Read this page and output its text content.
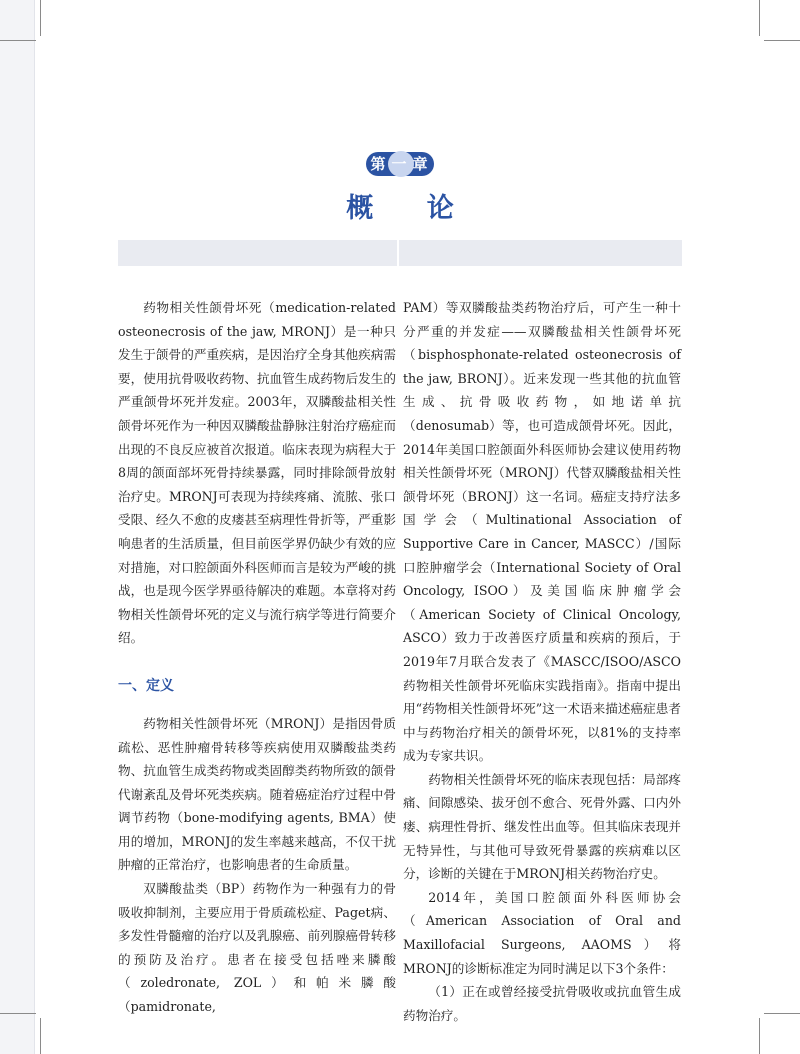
第一章
概 论

药物相关性颌骨坏死（medication-related osteonecrosis of the jaw, MRONJ）是一种只发生于颌骨的严重疾病，是因治疗全身其他疾病需要，使用抗骨吸收药物、抗血管生成药物后发生的严重颌骨坏死并发症。2003年，双膦酸盐相关性颌骨坏死作为一种因双膦酸盐静脉注射治疗癌症而出现的不良反应被首次报道。临床表现为病程大于8周的颌面部坏死骨持续暴露，同时排除颌骨放射治疗史。MRONJ可表现为持续疼痛、流脓、张口受限、经久不愈的皮瘘甚至病理性骨折等，严重影响患者的生活质量，但目前医学界仍缺少有效的应对措施，对口腔颌面外科医师而言是较为严峻的挑战，也是现今医学界亟待解决的难题。本章将对药物相关性颌骨坏死的定义与流行病学等进行简要介绍。

一、定义

药物相关性颌骨坏死（MRONJ）是指因骨质疏松、恶性肿瘤骨转移等疾病使用双膦酸盐类药物、抗血管生成类药物或类固醇类药物所致的颌骨代谢紊乱及骨坏死类疾病。随着癌症治疗过程中骨调节药物（bone-modifying agents, BMA）使用的增加，MRONJ的发生率越来越高，不仅干扰肿瘤的正常治疗，也影响患者的生命质量。

双膦酸盐类（BP）药物作为一种强有力的骨吸收抑制剂，主要应用于骨质疏松症、Paget病、多发性骨髓瘤的治疗以及乳腺癌、前列腺癌骨转移的预防及治疗。患者在接受包括唑来膦酸（zoledronate, ZOL）和帕米膦酸（pamidronate,

PAM）等双膦酸盐类药物治疗后，可产生一种十分严重的并发症——双膦酸盐相关性颌骨坏死（bisphosphonate-related osteonecrosis of the jaw, BRONJ）。近来发现一些其他的抗血管生成、抗骨吸收药物，如地诺单抗（denosumab）等，也可造成颌骨坏死。因此，2014年美国口腔颌面外科医师协会建议使用药物相关性颌骨坏死（MRONJ）代替双膦酸盐相关性颌骨坏死（BRONJ）这一名词。癌症支持疗法多国学会（Multinational Association of Supportive Care in Cancer, MASCC）/国际口腔肿瘤学会（International Society of Oral Oncology, ISOO）及美国临床肿瘤学会（American Society of Clinical Oncology, ASCO）致力于改善医疗质量和疾病的预后，于2019年7月联合发表了《MASCC/ISOO/ASCO药物相关性颌骨坏死临床实践指南》。指南中提出用“药物相关性颌骨坏死”这一术语来描述癌症患者中与药物治疗相关的颌骨坏死，以81%的支持率成为专家共识。

药物相关性颌骨坏死的临床表现包括：局部疼痛、间隙感染、拔牙创不愈合、死骨外露、口内外瘘、病理性骨折、继发性出血等。但其临床表现并无特异性，与其他可导致死骨暴露的疾病难以区分，诊断的关键在于MRONJ相关药物治疗史。

2014年，美国口腔颌面外科医师协会（American Association of Oral and Maxillofacial Surgeons, AAOMS）将MRONJ的诊断标准定为同时满足以下3个条件：

（1）正在或曾经接受抗骨吸收或抗血管生成药物治疗。
